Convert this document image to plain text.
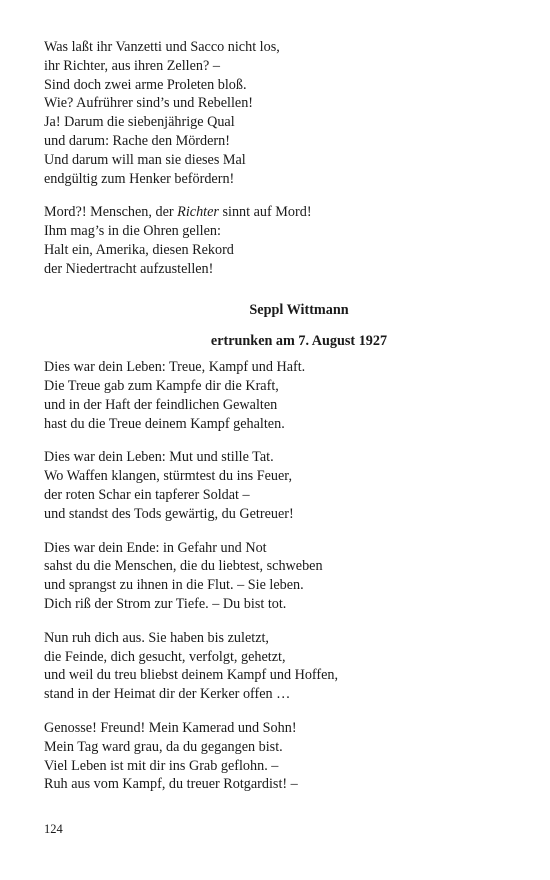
Was laßt ihr Vanzetti und Sacco nicht los,
ihr Richter, aus ihren Zellen? –
Sind doch zwei arme Proleten bloß.
Wie? Aufrührer sind’s und Rebellen!
Ja! Darum die siebenjährige Qual
und darum: Rache den Mördern!
Und darum will man sie dieses Mal
endgültig zum Henker befördern!
Mord?! Menschen, der Richter sinnt auf Mord!
Ihm mag’s in die Ohren gellen:
Halt ein, Amerika, diesen Rekord
der Niedertracht aufzustellen!
Seppl Wittmann
ertrunken am 7. August 1927
Dies war dein Leben: Treue, Kampf und Haft.
Die Treue gab zum Kampfe dir die Kraft,
und in der Haft der feindlichen Gewalten
hast du die Treue deinem Kampf gehalten.
Dies war dein Leben: Mut und stille Tat.
Wo Waffen klangen, stürmtest du ins Feuer,
der roten Schar ein tapferer Soldat –
und standst des Tods gewärtig, du Getreuer!
Dies war dein Ende: in Gefahr und Not
sahst du die Menschen, die du liebtest, schweben
und sprangst zu ihnen in die Flut. – Sie leben.
Dich riß der Strom zur Tiefe. – Du bist tot.
Nun ruh dich aus. Sie haben bis zuletzt,
die Feinde, dich gesucht, verfolgt, gehetzt,
und weil du treu bliebst deinem Kampf und Hoffen,
stand in der Heimat dir der Kerker offen …
Genosse! Freund! Mein Kamerad und Sohn!
Mein Tag ward grau, da du gegangen bist.
Viel Leben ist mit dir ins Grab geflohn. –
Ruh aus vom Kampf, du treuer Rotgardist! –
124
